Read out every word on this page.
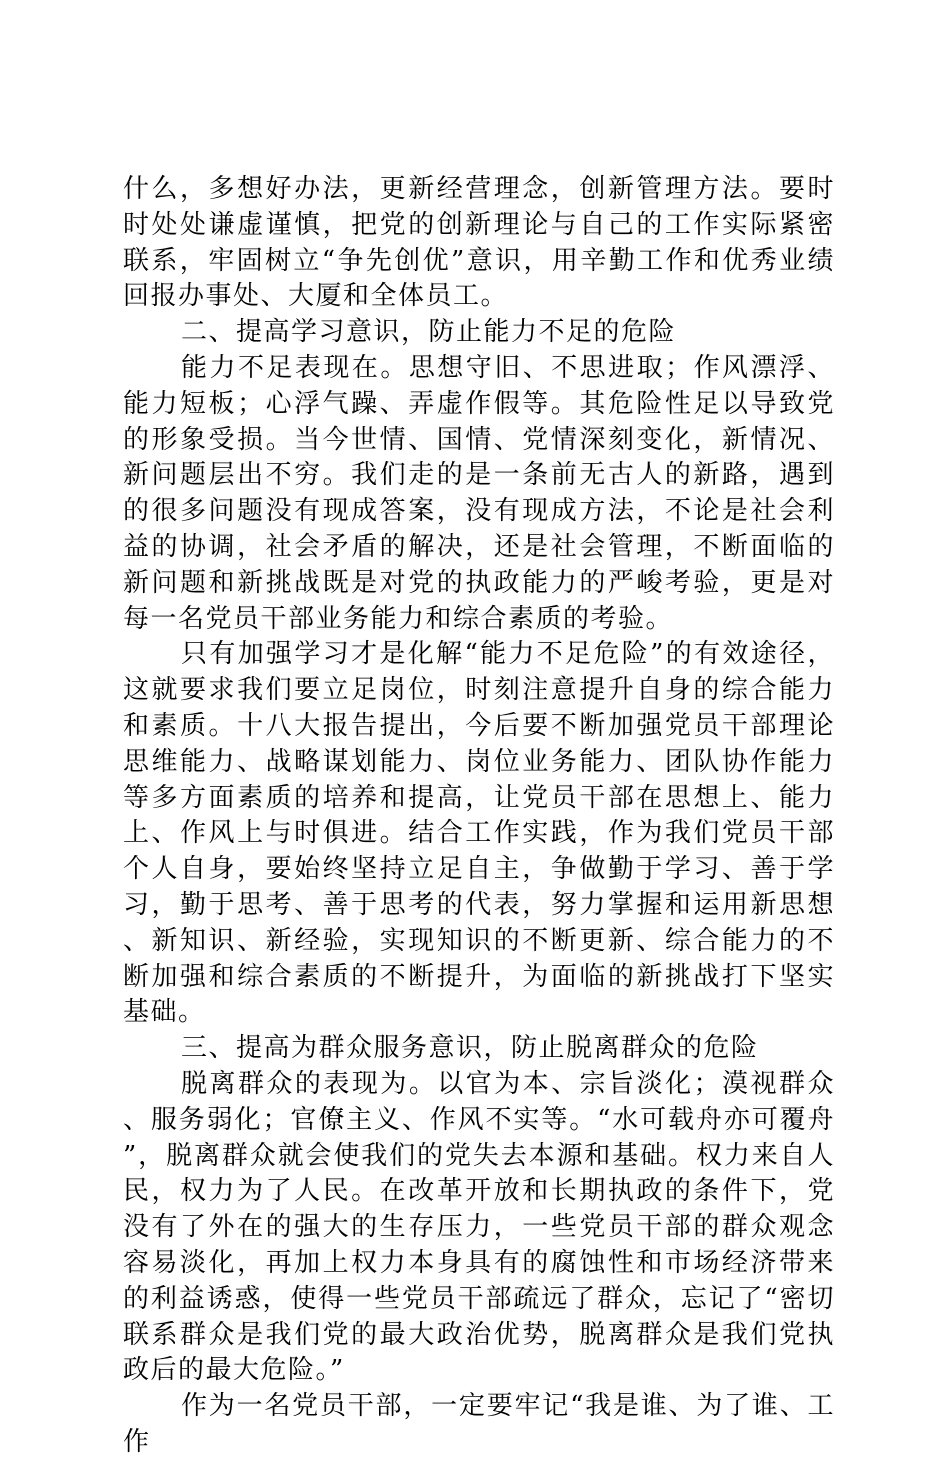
什么，多想好办法，更新经营理念，创新管理方法。要时时处处谦虚谨慎，把党的创新理论与自己的工作实际紧密联系，牢固树立“争先创优”意识，用辛勤工作和优秀业绩回报办事处、大厦和全体员工。

二、提高学习意识，防止能力不足的危险

能力不足表现在。思想守旧、不思进取；作风漂浮、能力短板；心浮气躁、弄虚作假等。其危险性足以导致党的形象受损。当今世情、国情、党情深刻变化，新情况、新问题层出不穷。我们走的是一条前无古人的新路，遇到的很多问题没有现成答案，没有现成方法，不论是社会利益的协调，社会矛盾的解决，还是社会管理，不断面临的新问题和新挑战既是对党的执政能力的严峻考验，更是对每一名党员干部业务能力和综合素质的考验。

只有加强学习才是化解“能力不足危险”的有效途径，这就要求我们要立足岗位，时刻注意提升自身的综合能力和素质。十八大报告提出，今后要不断加强党员干部理论思维能力、战略谋划能力、岗位业务能力、团队协作能力等多方面素质的培养和提高，让党员干部在思想上、能力上、作风上与时俱进。结合工作实践，作为我们党员干部个人自身，要始终坚持立足自主，争做勤于学习、善于学习，勤于思考、善于思考的代表，努力掌握和运用新思想、新知识、新经验，实现知识的不断更新、综合能力的不断加强和综合素质的不断提升，为面临的新挑战打下坚实基础。

三、提高为群众服务意识，防止脱离群众的危险

脱离群众的表现为。以官为本、宗旨淡化；漠视群众、服务弱化；官僚主义、作风不实等。“水可载舟亦可覆舟”，脱离群众就会使我们的党失去本源和基础。权力来自人民，权力为了人民。在改革开放和长期执政的条件下，党没有了外在的强大的生存压力，一些党员干部的群众观念容易淡化，再加上权力本身具有的腐蚀性和市场经济带来的利益诱惑，使得一些党员干部疏远了群众，忘记了“密切联系群众是我们党的最大政治优势，脱离群众是我们党执政后的最大危险。”

作为一名党员干部，一定要牢记“我是谁、为了谁、工作
